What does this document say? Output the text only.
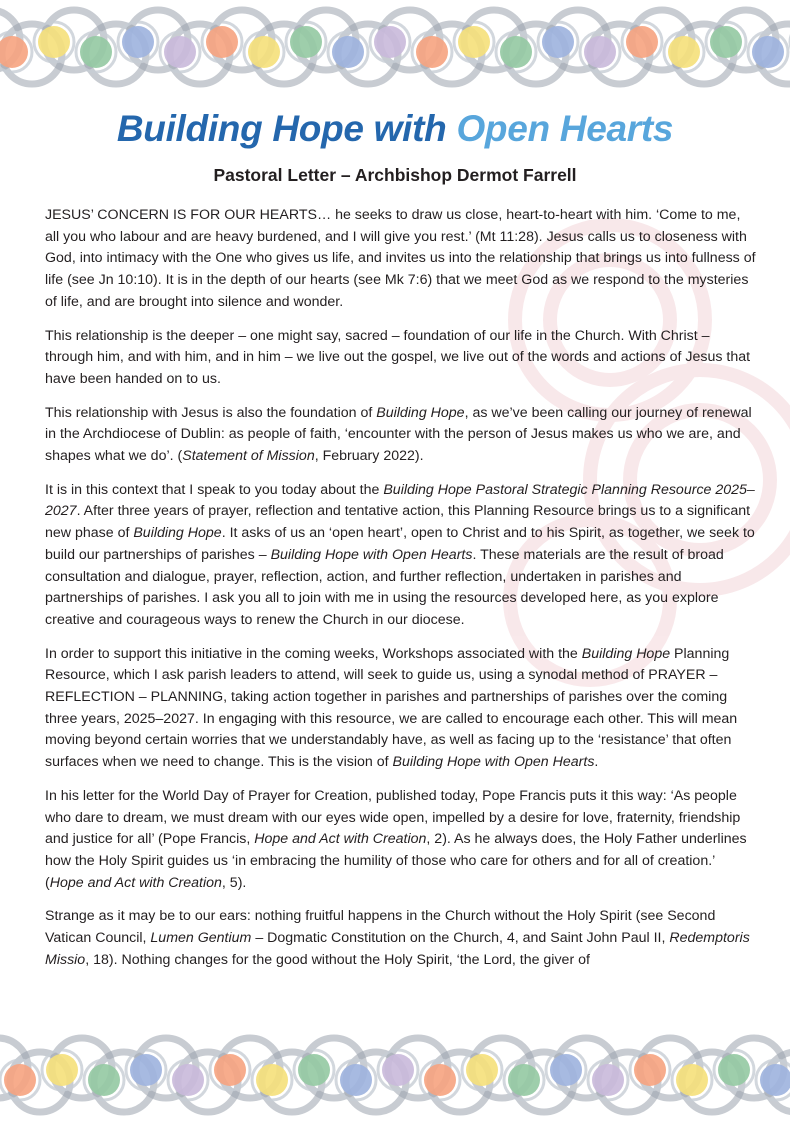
Building Hope with Open Hearts
Pastoral Letter – Archbishop Dermot Farrell

JESUS’ CONCERN IS FOR OUR HEARTS… he seeks to draw us close, heart-to-heart with him. ‘Come to me, all you who labour and are heavy burdened, and I will give you rest.’ (Mt 11:28). Jesus calls us to closeness with God, into intimacy with the One who gives us life, and invites us into the relationship that brings us into fullness of life (see Jn 10:10). It is in the depth of our hearts (see Mk 7:6) that we meet God as we respond to the mysteries of life, and are brought into silence and wonder.

This relationship is the deeper – one might say, sacred – foundation of our life in the Church. With Christ – through him, and with him, and in him – we live out the gospel, we live out of the words and actions of Jesus that have been handed on to us.

This relationship with Jesus is also the foundation of Building Hope, as we’ve been calling our journey of renewal in the Archdiocese of Dublin: as people of faith, ‘encounter with the person of Jesus makes us who we are, and shapes what we do’. (Statement of Mission, February 2022).

It is in this context that I speak to you today about the Building Hope Pastoral Strategic Planning Resource 2025–2027. After three years of prayer, reflection and tentative action, this Planning Resource brings us to a significant new phase of Building Hope. It asks of us an ‘open heart’, open to Christ and to his Spirit, as together, we seek to build our partnerships of parishes – Building Hope with Open Hearts. These materials are the result of broad consultation and dialogue, prayer, reflection, action, and further reflection, undertaken in parishes and partnerships of parishes. I ask you all to join with me in using the resources developed here, as you explore creative and courageous ways to renew the Church in our diocese.

In order to support this initiative in the coming weeks, Workshops associated with the Building Hope Planning Resource, which I ask parish leaders to attend, will seek to guide us, using a synodal method of PRAYER – REFLECTION – PLANNING, taking action together in parishes and partnerships of parishes over the coming three years, 2025–2027. In engaging with this resource, we are called to encourage each other. This will mean moving beyond certain worries that we understandably have, as well as facing up to the ‘resistance’ that often surfaces when we need to change. This is the vision of Building Hope with Open Hearts.

In his letter for the World Day of Prayer for Creation, published today, Pope Francis puts it this way: ‘As people who dare to dream, we must dream with our eyes wide open, impelled by a desire for love, fraternity, friendship and justice for all’ (Pope Francis, Hope and Act with Creation, 2). As he always does, the Holy Father underlines how the Holy Spirit guides us ‘in embracing the humility of those who care for others and for all of creation.’ (Hope and Act with Creation, 5).

Strange as it may be to our ears: nothing fruitful happens in the Church without the Holy Spirit (see Second Vatican Council, Lumen Gentium – Dogmatic Constitution on the Church, 4, and Saint John Paul II, Redemptoris Missio, 18). Nothing changes for the good without the Holy Spirit, ‘the Lord, the giver of
